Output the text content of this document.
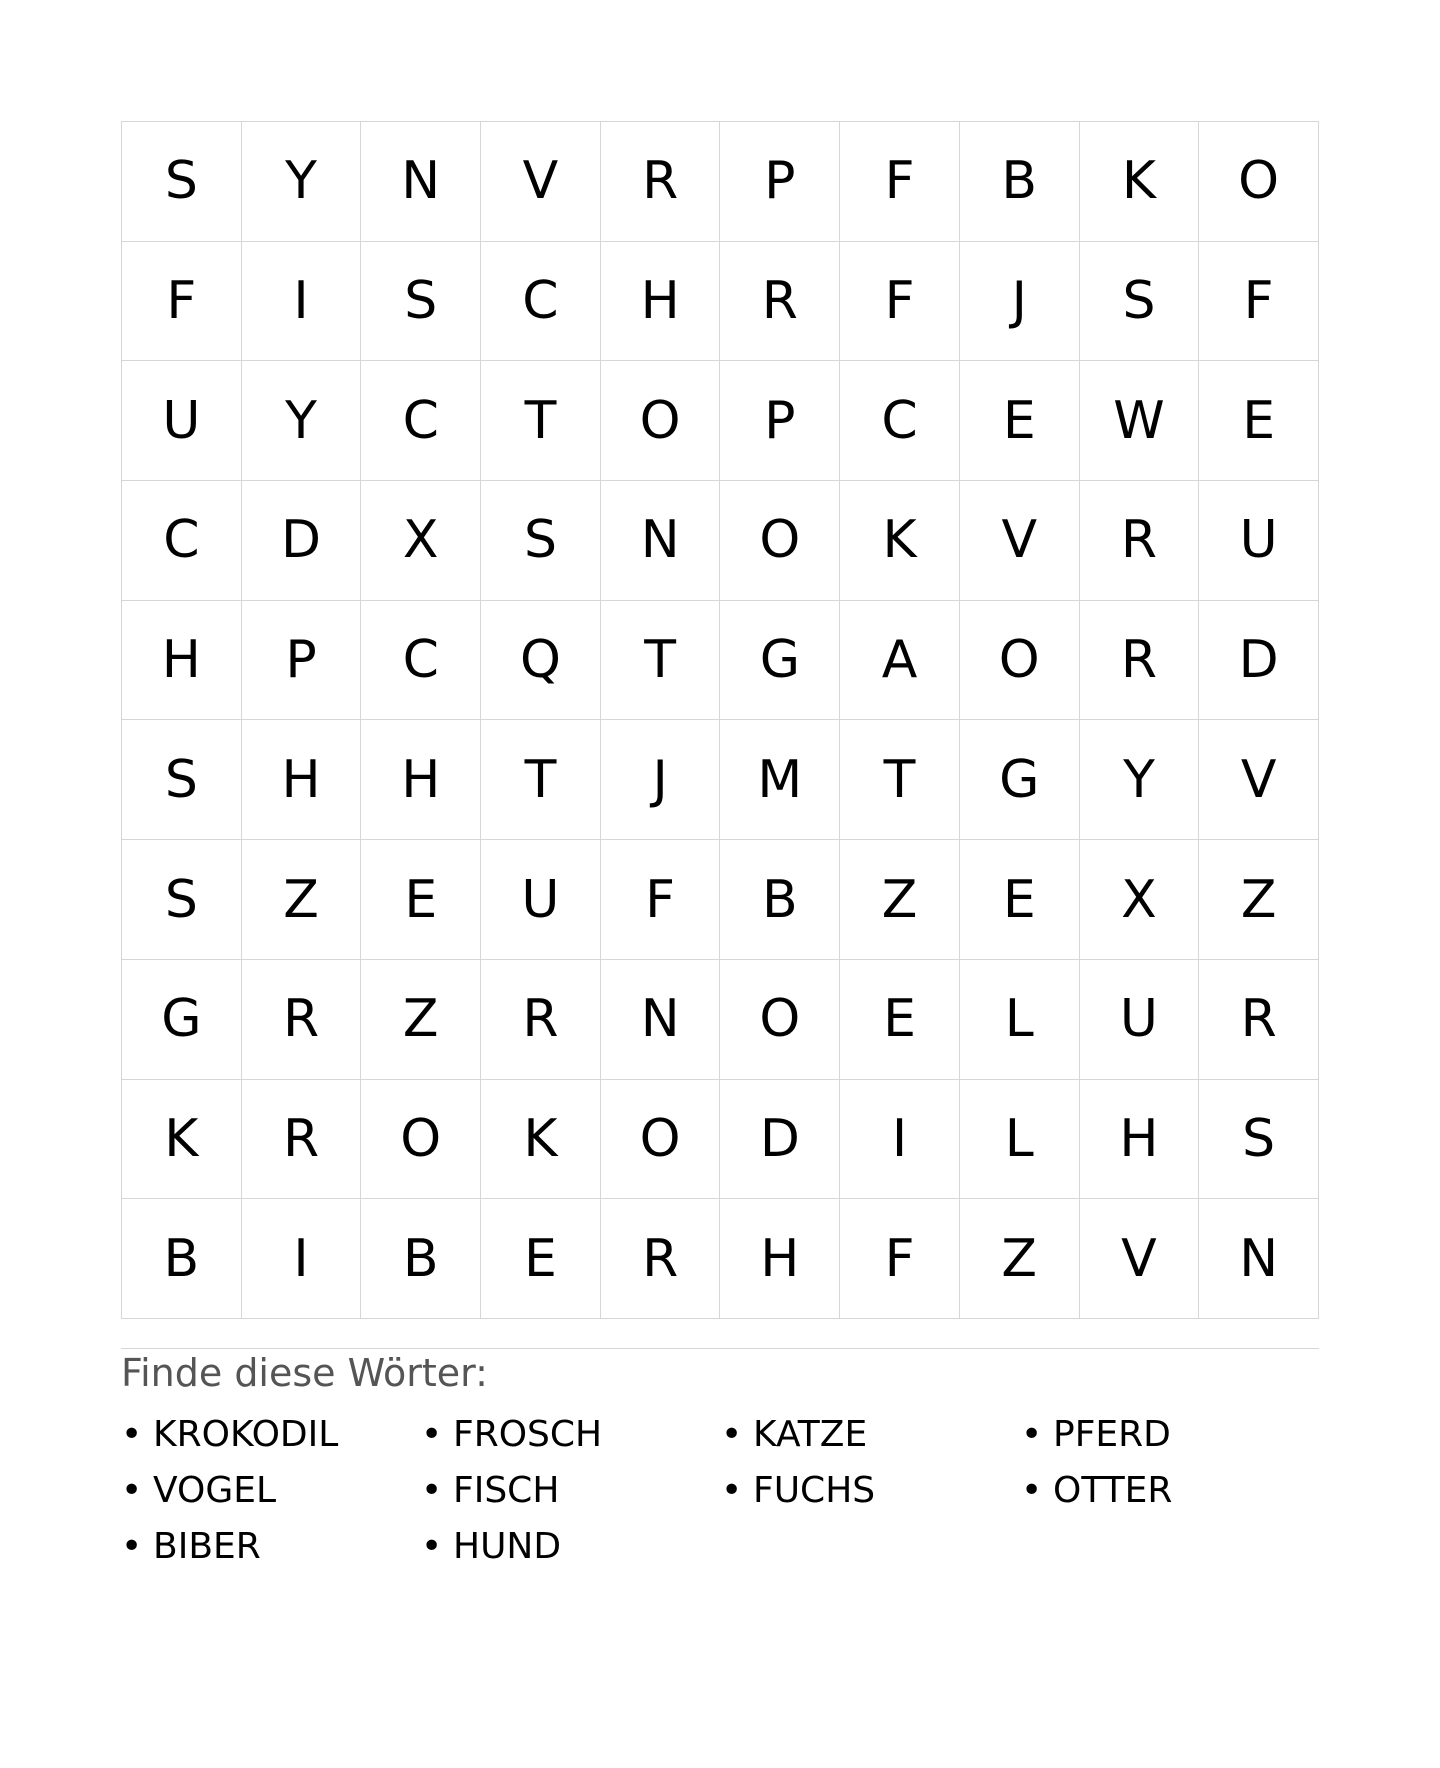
S	Y	N	V	R	P	F	B	K	O
F	I	S	C	H	R	F	J	S	F
U	Y	C	T	O	P	C	E	W	E
C	D	X	S	N	O	K	V	R	U
H	P	C	Q	T	G	A	O	R	D
S	H	H	T	J	M	T	G	Y	V
S	Z	E	U	F	B	Z	E	X	Z
G	R	Z	R	N	O	E	L	U	R
K	R	O	K	O	D	I	L	H	S
B	I	B	E	R	H	F	Z	V	N
Finde diese Wörter:
• KROKODIL	• FROSCH	• KATZE	• PFERD
• VOGEL	• FISCH	• FUCHS	• OTTER
• BIBER	• HUND
